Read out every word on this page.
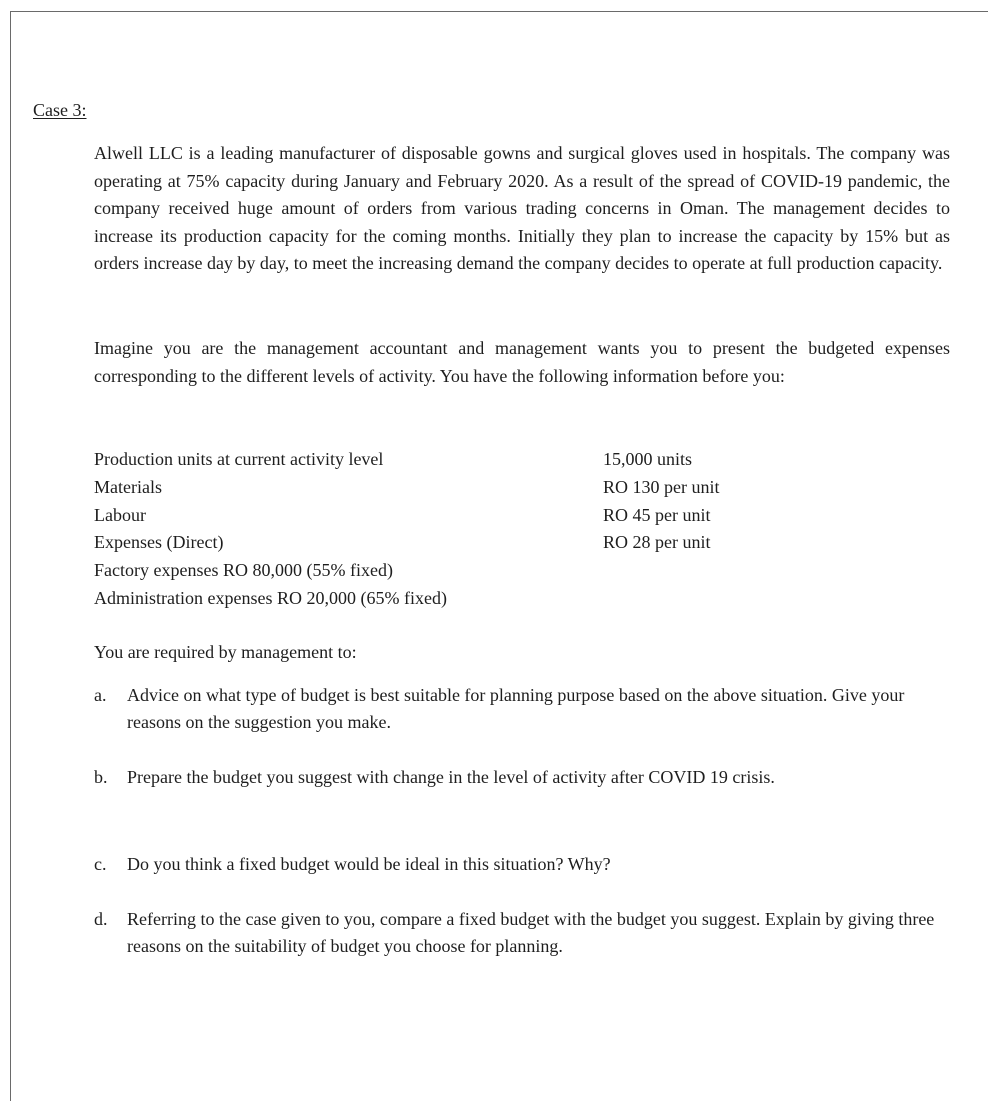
Case 3:

Alwell LLC is a leading manufacturer of disposable gowns and surgical gloves used in hospitals. The company was operating at 75% capacity during January and February 2020. As a result of the spread of COVID-19 pandemic, the company received huge amount of orders from various trading concerns in Oman. The management decides to increase its production capacity for the coming months. Initially they plan to increase the capacity by 15% but as orders increase day by day, to meet the increasing demand the company decides to operate at full production capacity.

Imagine you are the management accountant and management wants you to present the budgeted expenses corresponding to the different levels of activity. You have the following information before you:

Production units at current activity level
Materials
Labour
Expenses (Direct)
Factory expenses RO 80,000 (55% fixed)
Administration expenses RO 20,000 (65% fixed)
15,000 units
RO 130 per unit
RO 45 per unit
RO 28 per unit

You are required by management to:

a. Advice on what type of budget is best suitable for planning purpose based on the above situation. Give your reasons on the suggestion you make.
b. Prepare the budget you suggest with change in the level of activity after COVID 19 crisis.
c. Do you think a fixed budget would be ideal in this situation? Why?
d. Referring to the case given to you, compare a fixed budget with the budget you suggest. Explain by giving three reasons on the suitability of budget you choose for planning.
